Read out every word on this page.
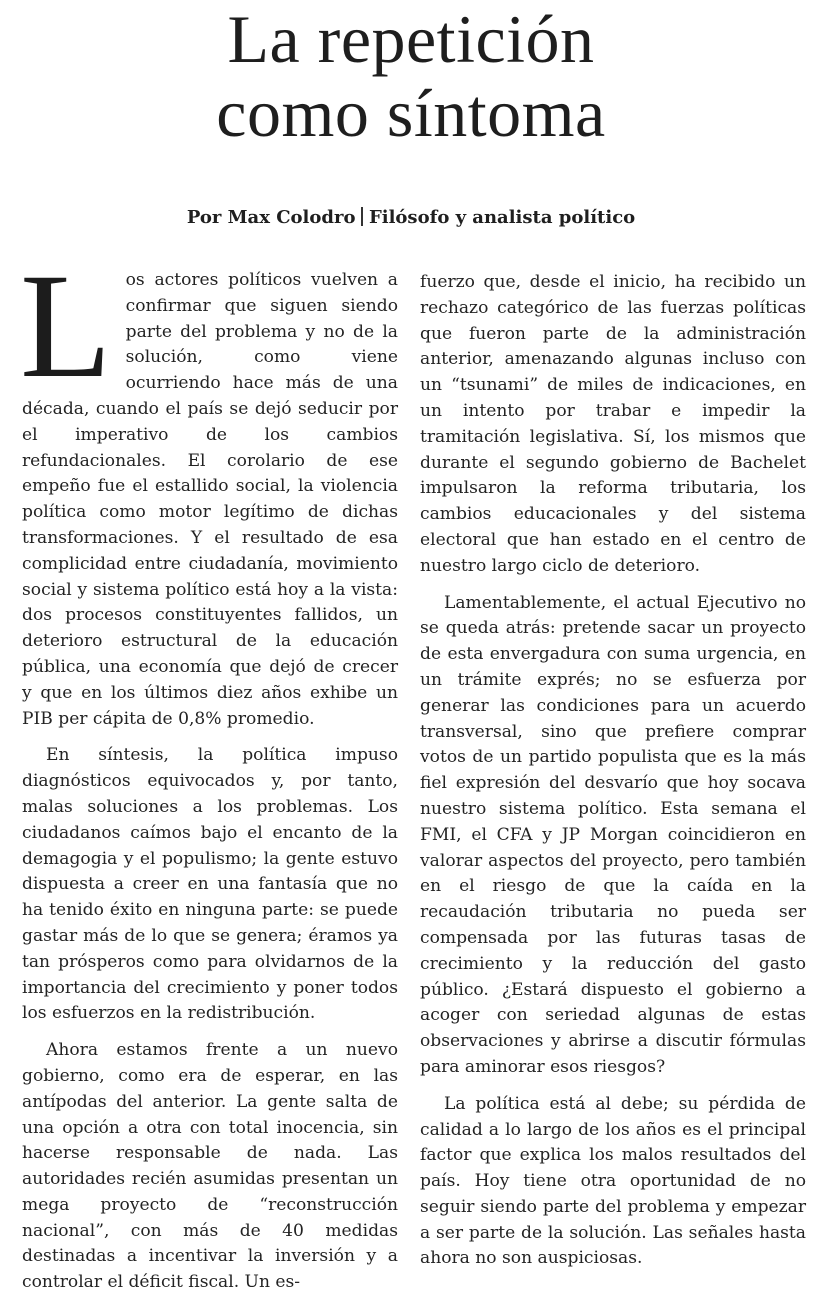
La repetición
como síntoma
Por Max Colodro Filósofo y analista político

Los actores políticos vuelven a confirmar que siguen siendo parte del problema y no de la solución, como viene ocurriendo hace más de una década, cuando el país se dejó seducir por el imperativo de los cambios refundacionales. El corolario de ese empeño fue el estallido social, la violencia política como motor legítimo de dichas transformaciones. Y el resultado de esa complicidad entre ciudadanía, movimiento social y sistema político está hoy a la vista: dos procesos constituyentes fallidos, un deterioro estructural de la educación pública, una economía que dejó de crecer y que en los últimos diez años exhibe un PIB per cápita de 0,8% promedio.

En síntesis, la política impuso diagnósticos equivocados y, por tanto, malas soluciones a los problemas. Los ciudadanos caímos bajo el encanto de la demagogia y el populismo; la gente estuvo dispuesta a creer en una fantasía que no ha tenido éxito en ninguna parte: se puede gastar más de lo que se genera; éramos ya tan prósperos como para olvidarnos de la importancia del crecimiento y poner todos los esfuerzos en la redistribución.

Ahora estamos frente a un nuevo gobierno, como era de esperar, en las antípodas del anterior. La gente salta de una opción a otra con total inocencia, sin hacerse responsable de nada. Las autoridades recién asumidas presentan un mega proyecto de “reconstrucción nacional”, con más de 40 medidas destinadas a incentivar la inversión y a controlar el déficit fiscal. Un es-

fuerzo que, desde el inicio, ha recibido un rechazo categórico de las fuerzas políticas que fueron parte de la administración anterior, amenazando algunas incluso con un “tsunami” de miles de indicaciones, en un intento por trabar e impedir la tramitación legislativa. Sí, los mismos que durante el segundo gobierno de Bachelet impulsaron la reforma tributaria, los cambios educacionales y del sistema electoral que han estado en el centro de nuestro largo ciclo de deterioro.

Lamentablemente, el actual Ejecutivo no se queda atrás: pretende sacar un proyecto de esta envergadura con suma urgencia, en un trámite exprés; no se esfuerza por generar las condiciones para un acuerdo transversal, sino que prefiere comprar votos de un partido populista que es la más fiel expresión del desvarío que hoy socava nuestro sistema político. Esta semana el FMI, el CFA y JP Morgan coincidieron en valorar aspectos del proyecto, pero también en el riesgo de que la caída en la recaudación tributaria no pueda ser compensada por las futuras tasas de crecimiento y la reducción del gasto público. ¿Estará dispuesto el gobierno a acoger con seriedad algunas de estas observaciones y abrirse a discutir fórmulas para aminorar esos riesgos?

La política está al debe; su pérdida de calidad a lo largo de los años es el principal factor que explica los malos resultados del país. Hoy tiene otra oportunidad de no seguir siendo parte del problema y empezar a ser parte de la solución. Las señales hasta ahora no son auspiciosas.
